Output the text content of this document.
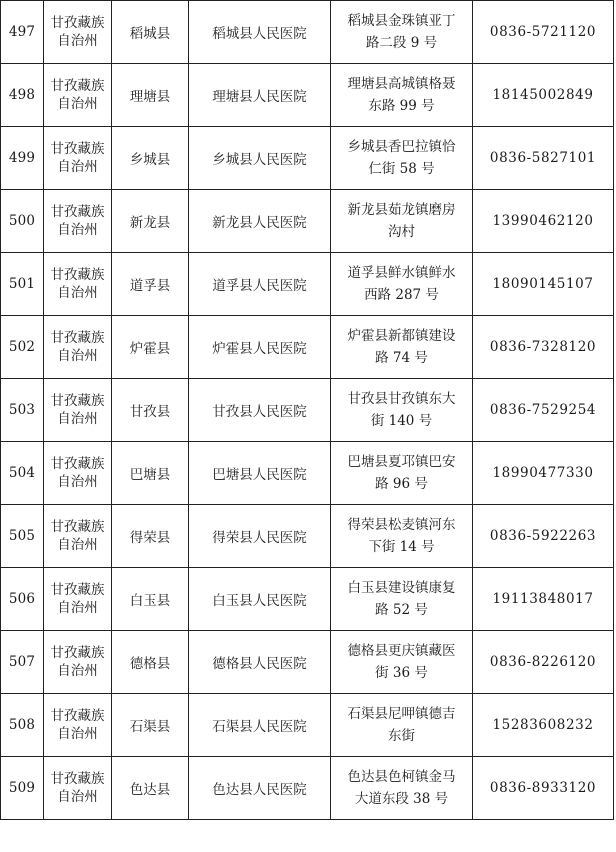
497	甘孜藏族自治州	稻城县	稻城县人民医院	稻城县金珠镇亚丁路二段 9 号	0836-5721120
498	甘孜藏族自治州	理塘县	理塘县人民医院	理塘县高城镇格聂东路 99 号	18145002849
499	甘孜藏族自治州	乡城县	乡城县人民医院	乡城县香巴拉镇恰仁街 58 号	0836-5827101
500	甘孜藏族自治州	新龙县	新龙县人民医院	新龙县茹龙镇磨房沟村	13990462120
501	甘孜藏族自治州	道孚县	道孚县人民医院	道孚县鲜水镇鲜水西路 287 号	18090145107
502	甘孜藏族自治州	炉霍县	炉霍县人民医院	炉霍县新都镇建设路 74 号	0836-7328120
503	甘孜藏族自治州	甘孜县	甘孜县人民医院	甘孜县甘孜镇东大街 140 号	0836-7529254
504	甘孜藏族自治州	巴塘县	巴塘县人民医院	巴塘县夏邛镇巴安路 96 号	18990477330
505	甘孜藏族自治州	得荣县	得荣县人民医院	得荣县松麦镇河东下街 14 号	0836-5922263
506	甘孜藏族自治州	白玉县	白玉县人民医院	白玉县建设镇康复路 52 号	19113848017
507	甘孜藏族自治州	德格县	德格县人民医院	德格县更庆镇藏医街 36 号	0836-8226120
508	甘孜藏族自治州	石渠县	石渠县人民医院	石渠县尼呷镇德吉东街	15283608232
509	甘孜藏族自治州	色达县	色达县人民医院	色达县色柯镇金马大道东段 38 号	0836-8933120
